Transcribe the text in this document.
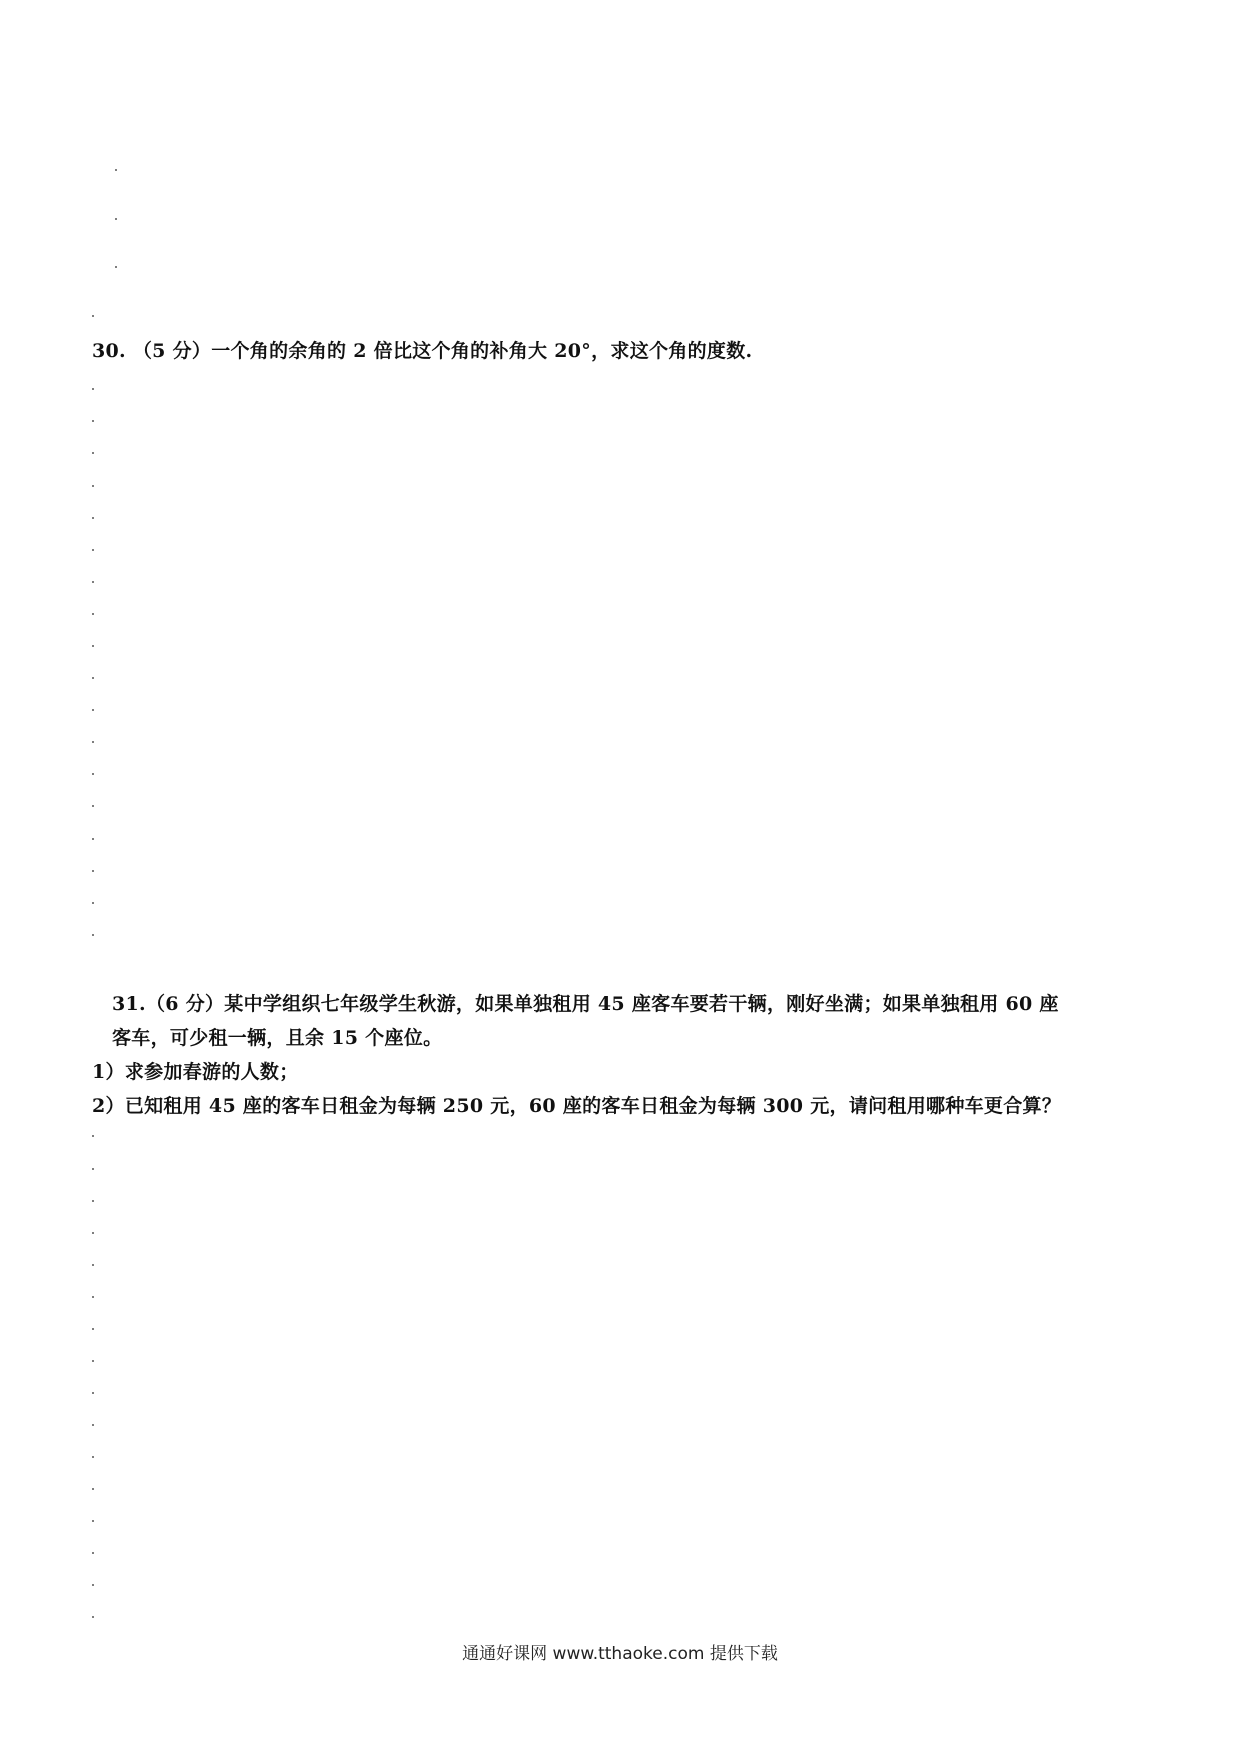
30. （5 分）一个角的余角的 2 倍比这个角的补角大 20°，求这个角的度数.
31.（6 分）某中学组织七年级学生秋游，如果单独租用 45 座客车要若干辆，刚好坐满；如果单独租用 60 座
客车，可少租一辆，且余 15 个座位。
1）求参加春游的人数；
2）已知租用 45 座的客车日租金为每辆 250 元，60 座的客车日租金为每辆 300 元，请问租用哪种车更合算？
通通好课网 www.tthaoke.com 提供下载
